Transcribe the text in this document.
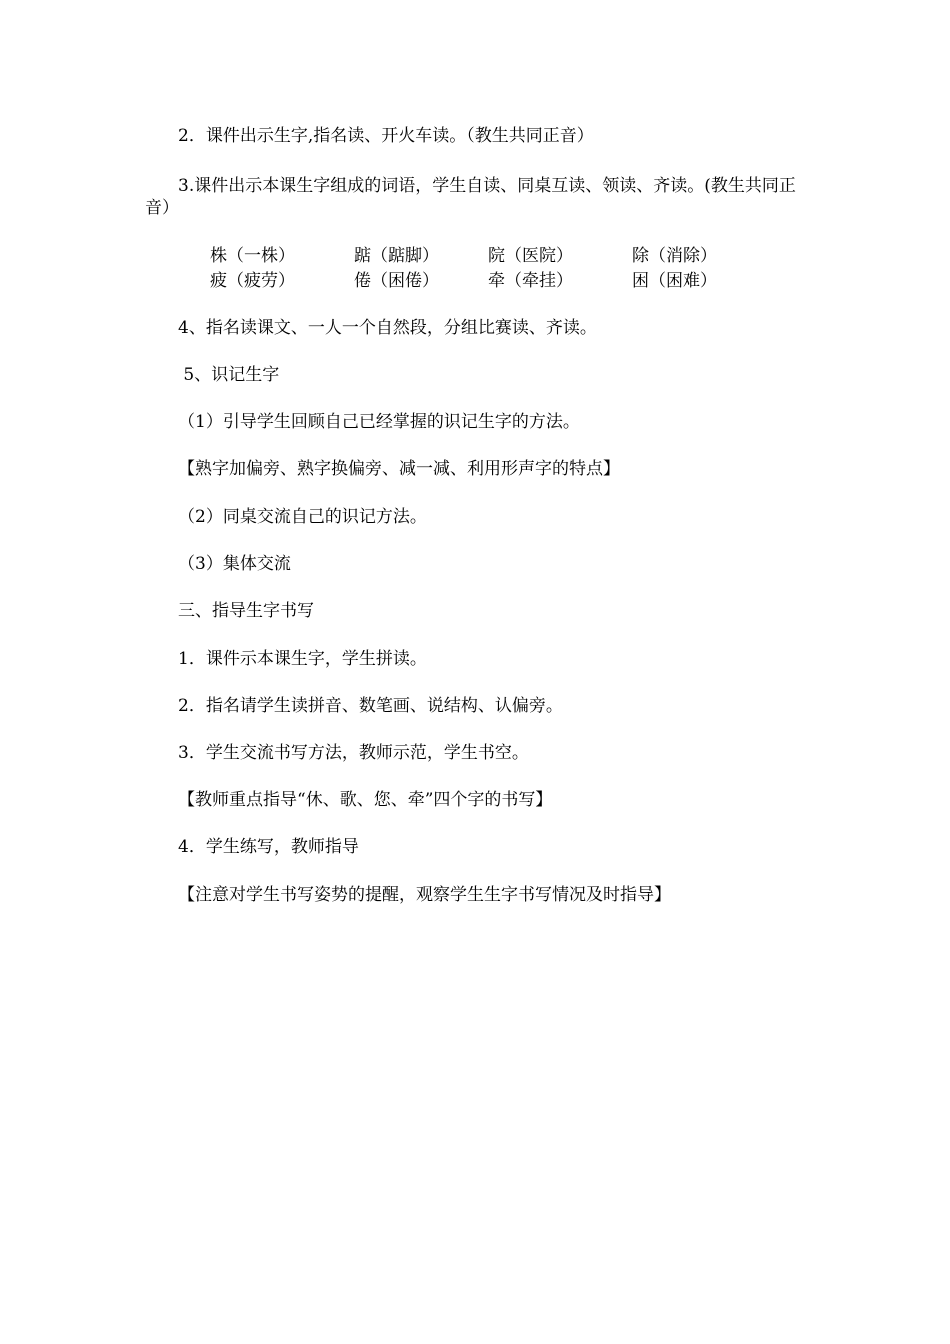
2．课件出示生字,指名读、开火车读。（教生共同正音）
3.课件出示本课生字组成的词语，学生自读、同桌互读、领读、齐读。(教生共同正音）
株（一株）	踮（踮脚）	院（医院）	除（消除）
疲（疲劳）	倦（困倦）	牵（牵挂）	困（困难）
4、指名读课文、一人一个自然段，分组比赛读、齐读。
5、识记生字
（1）引导学生回顾自己已经掌握的识记生字的方法。
【熟字加偏旁、熟字换偏旁、减一减、利用形声字的特点】
（2）同桌交流自己的识记方法。
（3）集体交流
三、指导生字书写
1．课件示本课生字，学生拼读。
2．指名请学生读拼音、数笔画、说结构、认偏旁。
3．学生交流书写方法，教师示范，学生书空。
【教师重点指导“休、歌、您、牵”四个字的书写】
4．学生练写，教师指导
【注意对学生书写姿势的提醒，观察学生生字书写情况及时指导】
